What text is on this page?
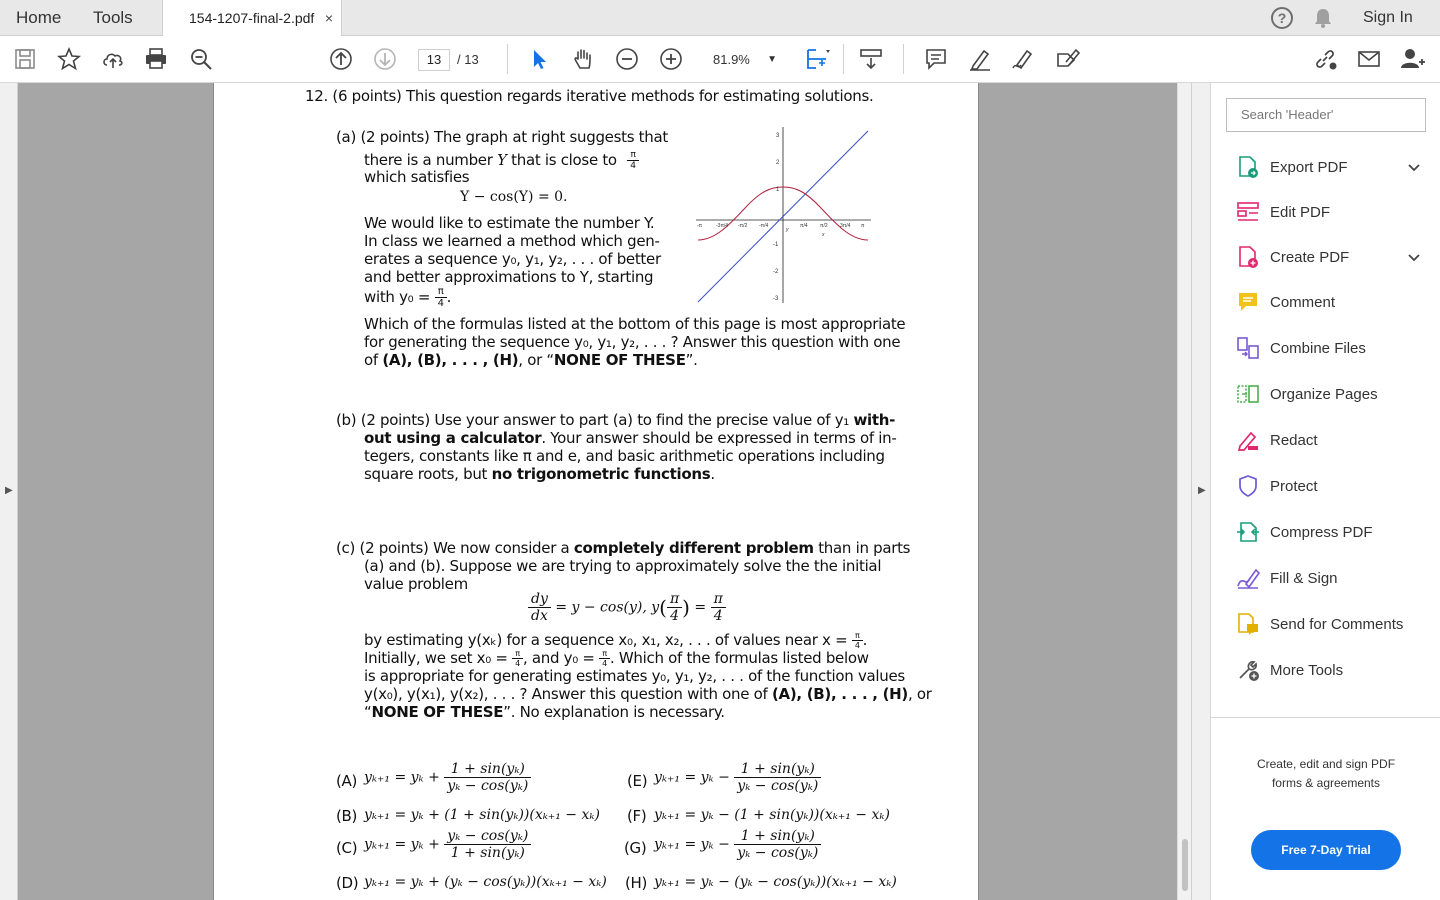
Home Tools	154-1207-final-2.pdf ×	?	Sign In
13	/ 13	81.9% ▼
▶
12. (6 points) This question regards iterative methods for estimating solutions.
(a) (2 points) The graph at right suggests that
there is a number Y that is close to $\frac{\pi}{4}$
which satisfies
Y − cos(Y) = 0.
We would like to estimate the number Y.
In class we learned a method which gen-
erates a sequence y₀, y₁, y₂, . . . of better
and better approximations to Y, starting
with $y_0 = \frac{\pi}{4}$ .
Which of the formulas listed at the bottom of this page is most appropriate
for generating the sequence y₀, y₁, y₂, . . . ? Answer this question with one
of (A), (B), . . . , (H), or “NONE OF THESE”.
3
2
1
-1
-2
-3
-π	-3π/4 -π/2 -π/4	π/4 π/2 3π/4 π
x
y
(b) (2 points) Use your answer to part (a) to find the precise value of y₁ with-
out using a calculator. Your answer should be expressed in terms of in-
tegers, constants like π and e, and basic arithmetic operations including
square roots, but no trigonometric functions.
(c) (2 points) We now consider a completely different problem than in parts
(a) and (b). Suppose we are trying to approximately solve the the initial
value problem
$\frac{dy}{dx} = y - \cos(y)$, $y( \frac{\pi}{4}$ ) = $\frac{\pi}{4}$
by estimating y(xₖ) for a sequence x₀, x₁, x₂, . . . of values near $x = \frac{\pi}{4}$ .
Initially, we set $x_0 = \frac{\pi}{4}$ , and $y_0 = \frac{\pi}{4}$ . Which of the formulas listed below
is appropriate for generating estimates y₀, y₁, y₂, . . . of the function values
y(x₀), y(x₁), y(x₂), . . . ? Answer this question with one of (A), (B), . . . , (H), or
“NONE OF THESE”. No explanation is necessary.
(A) $y_{k+1} = y_k + \frac{\text{1 + sin(yₖ)}}{\text{yₖ − cos(yₖ)}}$
(B) yₖ₊₁ = yₖ + (1 + sin(yₖ))(xₖ₊₁ − xₖ)
(C) $y_{k+1} = y_k + \frac{\text{yₖ − cos(yₖ)}}{\text{1 + sin(yₖ)}}$
(D) yₖ₊₁ = yₖ + (yₖ − cos(yₖ))(xₖ₊₁ − xₖ)
(E) $y_{k+1} = y_k - \frac{\text{1 + sin(yₖ)}}{\text{yₖ − cos(yₖ)}}$
(F) yₖ₊₁ = yₖ − (1 + sin(yₖ))(xₖ₊₁ − xₖ)
(G) $y_{k+1} = y_k - \frac{\text{1 + sin(yₖ)}}{\text{yₖ − cos(yₖ)}}$
(H) yₖ₊₁ = yₖ − (yₖ − cos(yₖ))(xₖ₊₁ − xₖ)
▶
Search 'Header'
Export PDF
Edit PDF
Create PDF
Comment
Combine Files
Organize Pages
Redact
Protect
Compress PDF
Fill & Sign
Send for Comments
More Tools
Create, edit and sign PDF
forms & agreements
Free 7-Day Trial
